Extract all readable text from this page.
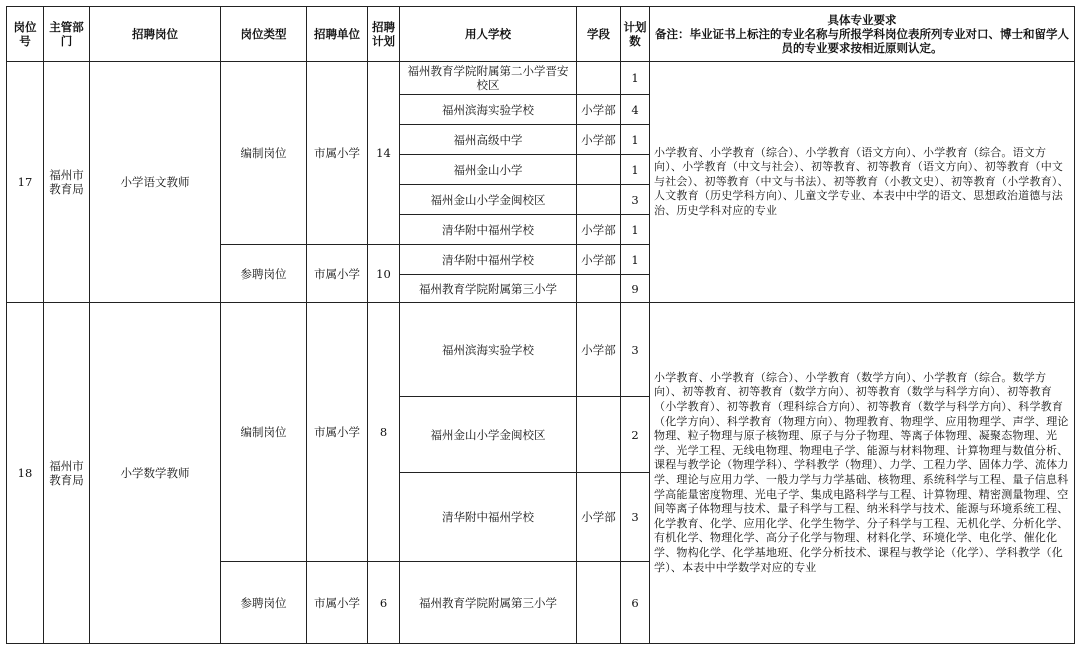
岗位号	主管部门	招聘岗位	岗位类型	招聘单位	招聘计划	用人学校	学段	计划数	具体专业要求
备注：毕业证书上标注的专业名称与所报学科岗位表所列专业对口、博士和留学人员的专业要求按相近原则认定。

17	福州市教育局	小学语文教师	编制岗位	市属小学	14	福州教育学院附属第二小学晋安校区		1	小学教育、小学教育（综合）、小学教育（语文方向）、小学教育（综合。语文方向）、小学教育（中文与社会）、初等教育、初等教育（语文方向）、初等教育（中文与社会）、初等教育（中文与书法）、初等教育（小教文史）、初等教育（小学教育）、人文教育（历史学科方向）、儿童文学专业、本表中中学的语文、思想政治道德与法治、历史学科对应的专业
						福州滨海实验学校	小学部	4	
						福州高级中学	小学部	1	
						福州金山小学		1	
						福州金山小学金闽校区		3	
						清华附中福州学校	小学部	1	
			参聘岗位	市属小学	10	清华附中福州学校	小学部	1	
						福州教育学院附属第三小学		9	
18	福州市教育局	小学数学教师	编制岗位	市属小学	8	福州滨海实验学校	小学部	3	小学教育、小学教育（综合）、小学教育（数学方向）、小学教育（综合。数学方向）、初等教育、初等教育（数学方向）、初等教育（数学与科学方向）、初等教育（小学教育）、初等教育（理科综合方向）、初等教育（数学与科学方向）、科学教育（化学方向）、科学教育（物理方向）、物理教育、物理学、应用物理学、声学、理论物理、粒子物理与原子核物理、原子与分子物理、等离子体物理、凝聚态物理、光学、光学工程、无线电物理、物理电子学、能源与材料物理、计算物理与数值分析、课程与教学论（物理学科）、学科教学（物理）、力学、工程力学、固体力学、流体力学、理论与应用力学、一般力学与力学基础、核物理、系统科学与工程、量子信息科学高能量密度物理、光电子学、集成电路科学与工程、计算物理、精密测量物理、空间等离子体物理与技术、量子科学与工程、纳米科学与技术、能源与环境系统工程、化学教育、化学、应用化学、化学生物学、分子科学与工程、无机化学、分析化学、有机化学、物理化学、高分子化学与物理、材料化学、环境化学、电化学、催化化学、物构化学、化学基地班、化学分析技术、课程与教学论（化学）、学科教学（化学）、本表中中学数学对应的专业
						福州金山小学金闽校区		2	
						清华附中福州学校	小学部	3	
			参聘岗位	市属小学	6	福州教育学院附属第三小学		6	
